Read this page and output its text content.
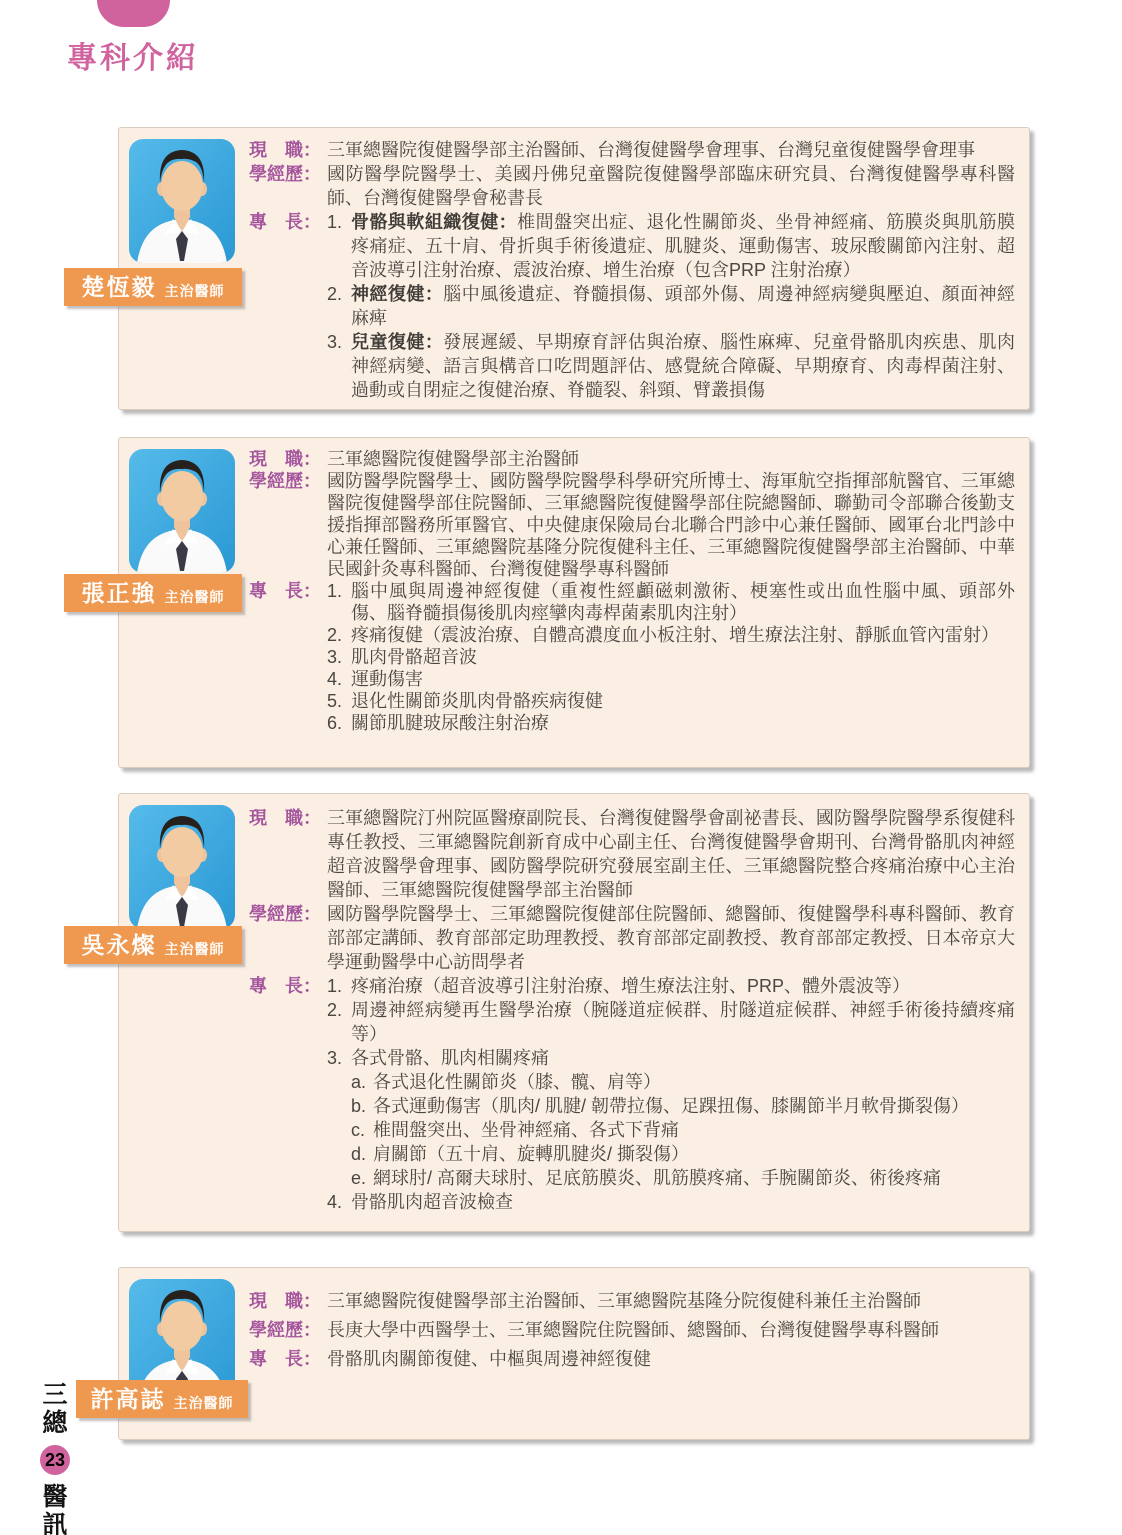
專科介紹
楚恆毅 主治醫師
現　職： 三軍總醫院復健醫學部主治醫師、台灣復健醫學會理事、台灣兒童復健醫學會理事
學經歷： 國防醫學院醫學士、美國丹佛兒童醫院復健醫學部臨床研究員、台灣復健醫學專科醫師、台灣復健醫學會秘書長
專　長： 1. 骨骼與軟組織復健：椎間盤突出症、退化性關節炎、坐骨神經痛、筋膜炎與肌筋膜疼痛症、五十肩、骨折與手術後遺症、肌腱炎、運動傷害、玻尿酸關節內注射、超音波導引注射治療、震波治療、增生治療（包含PRP 注射治療）
2. 神經復健：腦中風後遺症、脊髓損傷、頭部外傷、周邊神經病變與壓迫、顏面神經麻痺
3. 兒童復健：發展遲緩、早期療育評估與治療、腦性麻痺、兒童骨骼肌肉疾患、肌肉神經病變、語言與構音口吃問題評估、感覺統合障礙、早期療育、肉毒桿菌注射、過動或自閉症之復健治療、脊髓裂、斜頸、臂叢損傷
張正強 主治醫師
現　職： 三軍總醫院復健醫學部主治醫師
學經歷： 國防醫學院醫學士、國防醫學院醫學科學研究所博士、海軍航空指揮部航醫官、三軍總醫院復健醫學部住院醫師、三軍總醫院復健醫學部住院總醫師、聯勤司令部聯合後勤支援指揮部醫務所軍醫官、中央健康保險局台北聯合門診中心兼任醫師、國軍台北門診中心兼任醫師、三軍總醫院基隆分院復健科主任、三軍總醫院復健醫學部主治醫師、中華民國針灸專科醫師、台灣復健醫學專科醫師
專　長： 1. 腦中風與周邊神經復健（重複性經顱磁刺激術、梗塞性或出血性腦中風、頭部外傷、腦脊髓損傷後肌肉痙攣肉毒桿菌素肌肉注射）
2. 疼痛復健（震波治療、自體高濃度血小板注射、增生療法注射、靜脈血管內雷射）
3. 肌肉骨骼超音波
4. 運動傷害
5. 退化性關節炎肌肉骨骼疾病復健
6. 關節肌腱玻尿酸注射治療
吳永燦 主治醫師
現　職： 三軍總醫院汀州院區醫療副院長、台灣復健醫學會副祕書長、國防醫學院醫學系復健科專任教授、三軍總醫院創新育成中心副主任、台灣復健醫學會期刊、台灣骨骼肌肉神經超音波醫學會理事、國防醫學院研究發展室副主任、三軍總醫院整合疼痛治療中心主治醫師、三軍總醫院復健醫學部主治醫師
學經歷： 國防醫學院醫學士、三軍總醫院復健部住院醫師、總醫師、復健醫學科專科醫師、教育部部定講師、教育部部定助理教授、教育部部定副教授、教育部部定教授、日本帝京大學運動醫學中心訪問學者
專　長： 1. 疼痛治療（超音波導引注射治療、增生療法注射、PRP、體外震波等）
2. 周邊神經病變再生醫學治療（腕隧道症候群、肘隧道症候群、神經手術後持續疼痛等）
3. 各式骨骼、肌肉相關疼痛
a. 各式退化性關節炎（膝、髖、肩等）
b. 各式運動傷害（肌肉/ 肌腱/ 韌帶拉傷、足踝扭傷、膝關節半月軟骨撕裂傷）
c. 椎間盤突出、坐骨神經痛、各式下背痛
d. 肩關節（五十肩、旋轉肌腱炎/ 撕裂傷）
e. 網球肘/ 高爾夫球肘、足底筋膜炎、肌筋膜疼痛、手腕關節炎、術後疼痛
4. 骨骼肌肉超音波檢查
許高誌 主治醫師
現　職： 三軍總醫院復健醫學部主治醫師、三軍總醫院基隆分院復健科兼任主治醫師
學經歷： 長庚大學中西醫學士、三軍總醫院住院醫師、總醫師、台灣復健醫學專科醫師
專　長： 骨骼肌肉關節復健、中樞與周邊神經復健
三
總
23
醫
訊
